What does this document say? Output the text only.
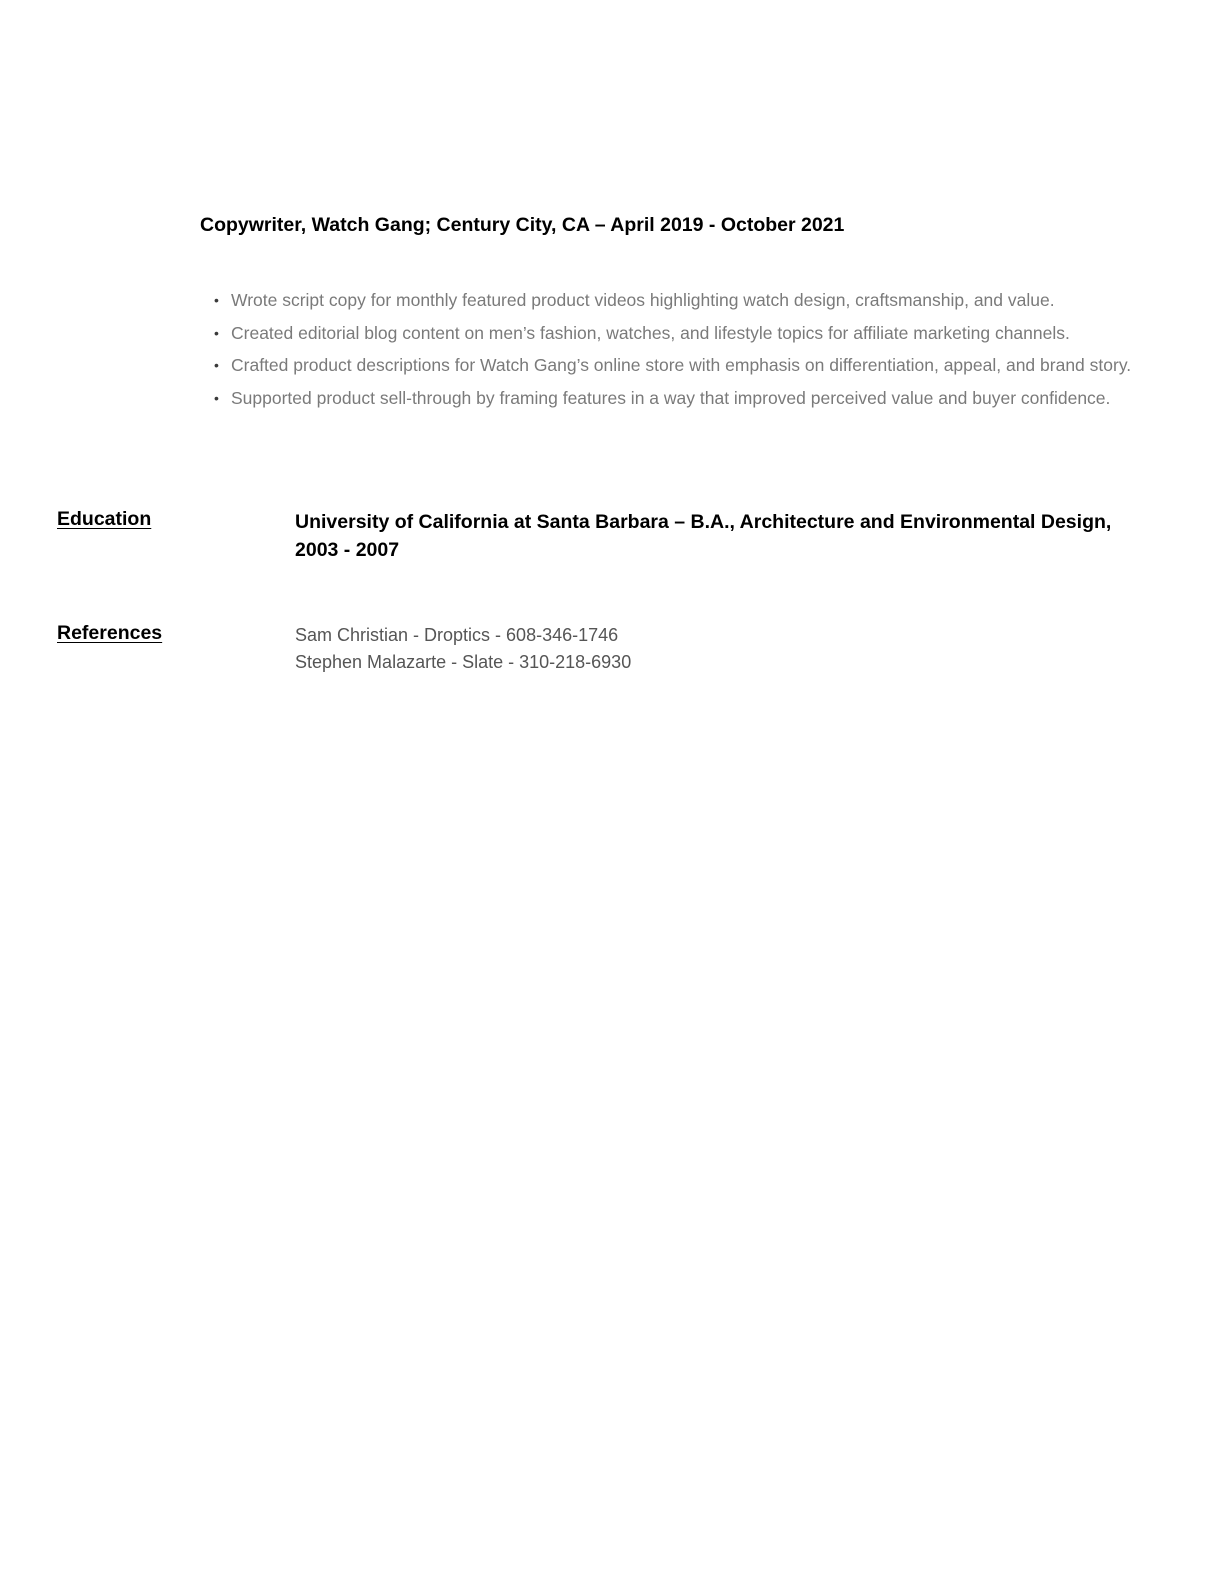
Copywriter, Watch Gang; Century City, CA – April 2019 - October 2021
• Wrote script copy for monthly featured product videos highlighting watch design, craftsmanship, and value.
• Created editorial blog content on men’s fashion, watches, and lifestyle topics for affiliate marketing channels.
• Crafted product descriptions for Watch Gang’s online store with emphasis on differentiation, appeal, and brand story.
• Supported product sell-through by framing features in a way that improved perceived value and buyer confidence.
Education	University of California at Santa Barbara – B.A., Architecture and Environmental Design, 2003 - 2007

References	Sam Christian - Droptics - 608-346-1746
Stephen Malazarte - Slate - 310-218-6930
